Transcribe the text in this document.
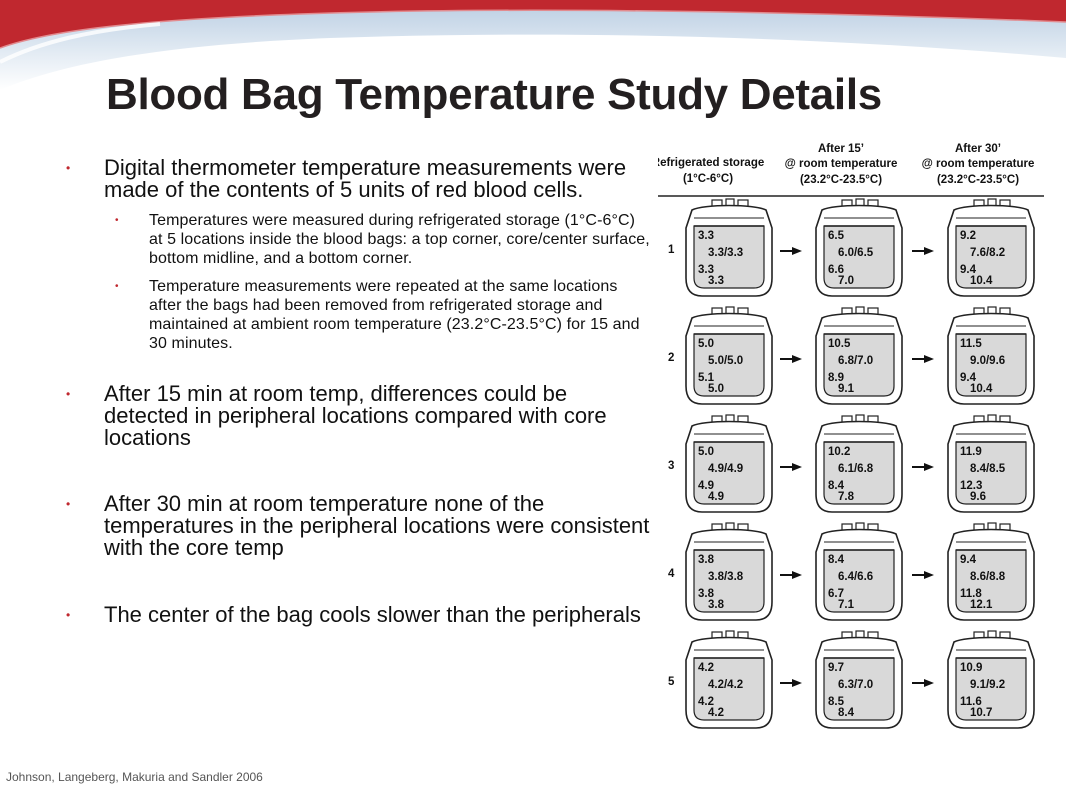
Blood Bag Temperature Study Details
• Digital thermometer temperature measurements were made of the contents of 5 units of red blood cells.
• Temperatures were measured during refrigerated storage (1°C-6°C) at 5 locations inside the blood bags: a top corner, core/center surface, bottom midline, and a bottom corner.
• Temperature measurements were repeated at the same locations after the bags had been removed from refrigerated storage and maintained at ambient room temperature (23.2°C-23.5°C) for 15 and 30 minutes.
• After 15 min at room temp, differences could be detected in peripheral locations compared with core locations
• After 30 min at room temperature none of the temperatures in the peripheral locations were consistent with the core temp
• The center of the bag cools slower than the peripherals
Refrigerated storage
(1°C-6°C)
After 15’
@ room temperature
(23.2°C-23.5°C)
After 30’
@ room temperature
(23.2°C-23.5°C)
1
3.3
3.3/3.3
3.3
3.3
6.5
6.0/6.5
6.6
7.0
9.2
7.6/8.2
9.4
10.4
2
5.0
5.0/5.0
5.1
5.0
10.5
6.8/7.0
8.9
9.1
11.5
9.0/9.6
9.4
10.4
3
5.0
4.9/4.9
4.9
4.9
10.2
6.1/6.8
8.4
7.8
11.9
8.4/8.5
12.3
9.6
4
3.8
3.8/3.8
3.8
3.8
8.4
6.4/6.6
6.7
7.1
9.4
8.6/8.8
11.8
12.1
5
4.2
4.2/4.2
4.2
4.2
9.7
6.3/7.0
8.5
8.4
10.9
9.1/9.2
11.6
10.7
Johnson, Langeberg, Makuria and Sandler 2006
